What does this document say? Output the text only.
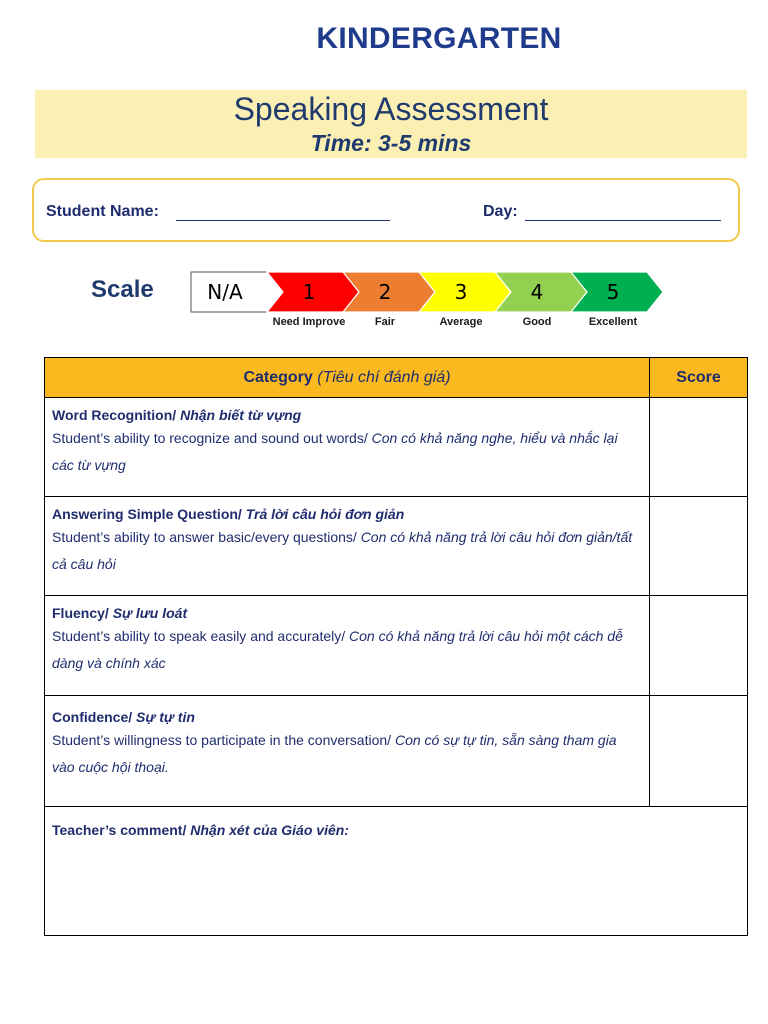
KINDERGARTEN
Speaking Assessment
Time: 3-5 mins
Student Name:	Day:
Scale	N/A	1	2	3	4	5
Need Improve	Fair	Average	Good	Excellent
Category (Tiêu chí đánh giá)	Score

Word Recognition/ Nhận biết từ vựng
Student’s ability to recognize and sound out words/ Con có khả năng nghe, hiểu và nhắc lại các từ vựng	

Answering Simple Question/ Trả lời câu hỏi đơn giản
Student’s ability to answer basic/every questions/ Con có khả năng trả lời câu hỏi đơn giản/tất cả câu hỏi	

Fluency/ Sự lưu loát
Student’s ability to speak easily and accurately/ Con có khả năng trả lời câu hỏi một cách dễ dàng và chính xác	

Confidence/ Sự tự tin
Student’s willingness to participate in the conversation/ Con có sự tự tin, sẵn sàng tham gia vào cuộc hội thoại.	

Teacher’s comment/ Nhận xét của Giáo viên:	
